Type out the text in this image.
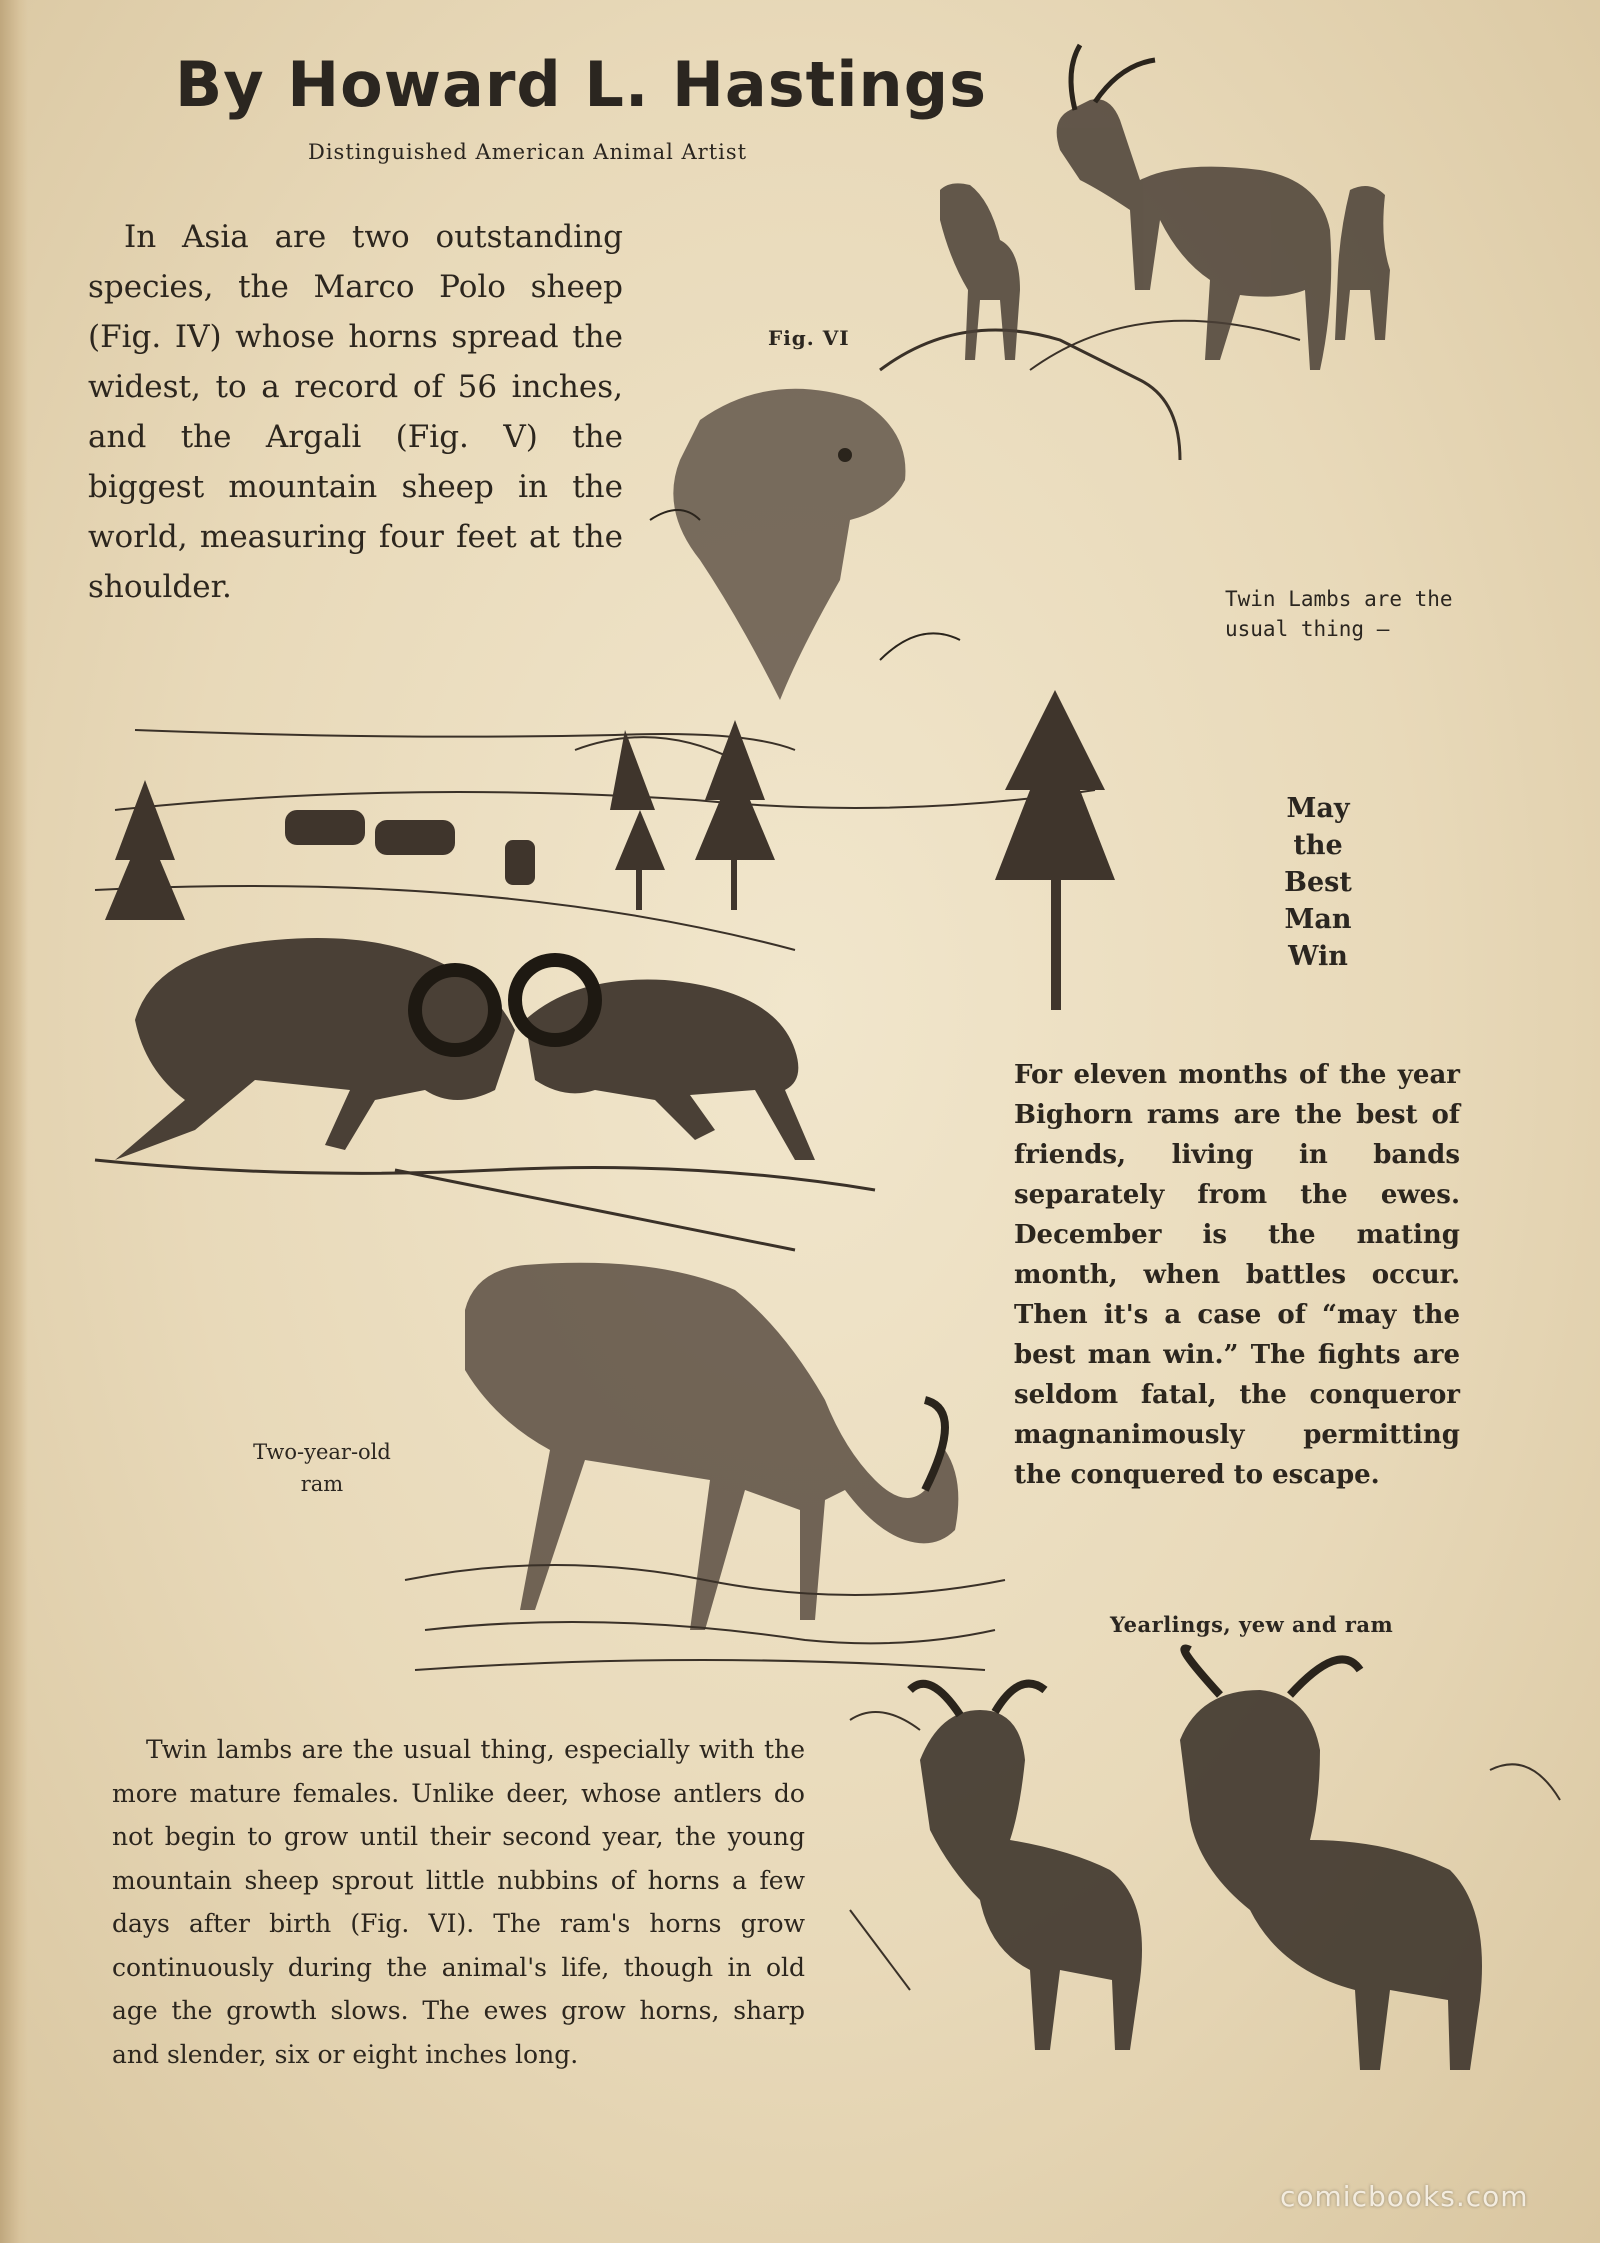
By Howard L. Hastings
Distinguished American Animal Artist

In Asia are two outstanding species, the Marco Polo sheep (Fig. IV) whose horns spread the widest, to a record of 56 inches, and the Argali (Fig. V) the biggest mountain sheep in the world, measuring four feet at the shoulder.

Fig. VI
Twin Lambs are the usual thing —
May the Best Man Win

For eleven months of the year Bighorn rams are the best of friends, living in bands separately from the ewes. December is the mating month, when battles occur. Then it's a case of “may the best man win.” The fights are seldom fatal, the conqueror magnanimously permitting the conquered to escape.

Two-year-old ram
Yearlings, yew and ram

Twin lambs are the usual thing, especially with the more mature females. Unlike deer, whose antlers do not begin to grow until their second year, the young mountain sheep sprout little nubbins of horns a few days after birth (Fig. VI). The ram's horns grow continuously during the animal's life, though in old age the growth slows. The ewes grow horns, sharp and slender, six or eight inches long.

comicbooks.com
